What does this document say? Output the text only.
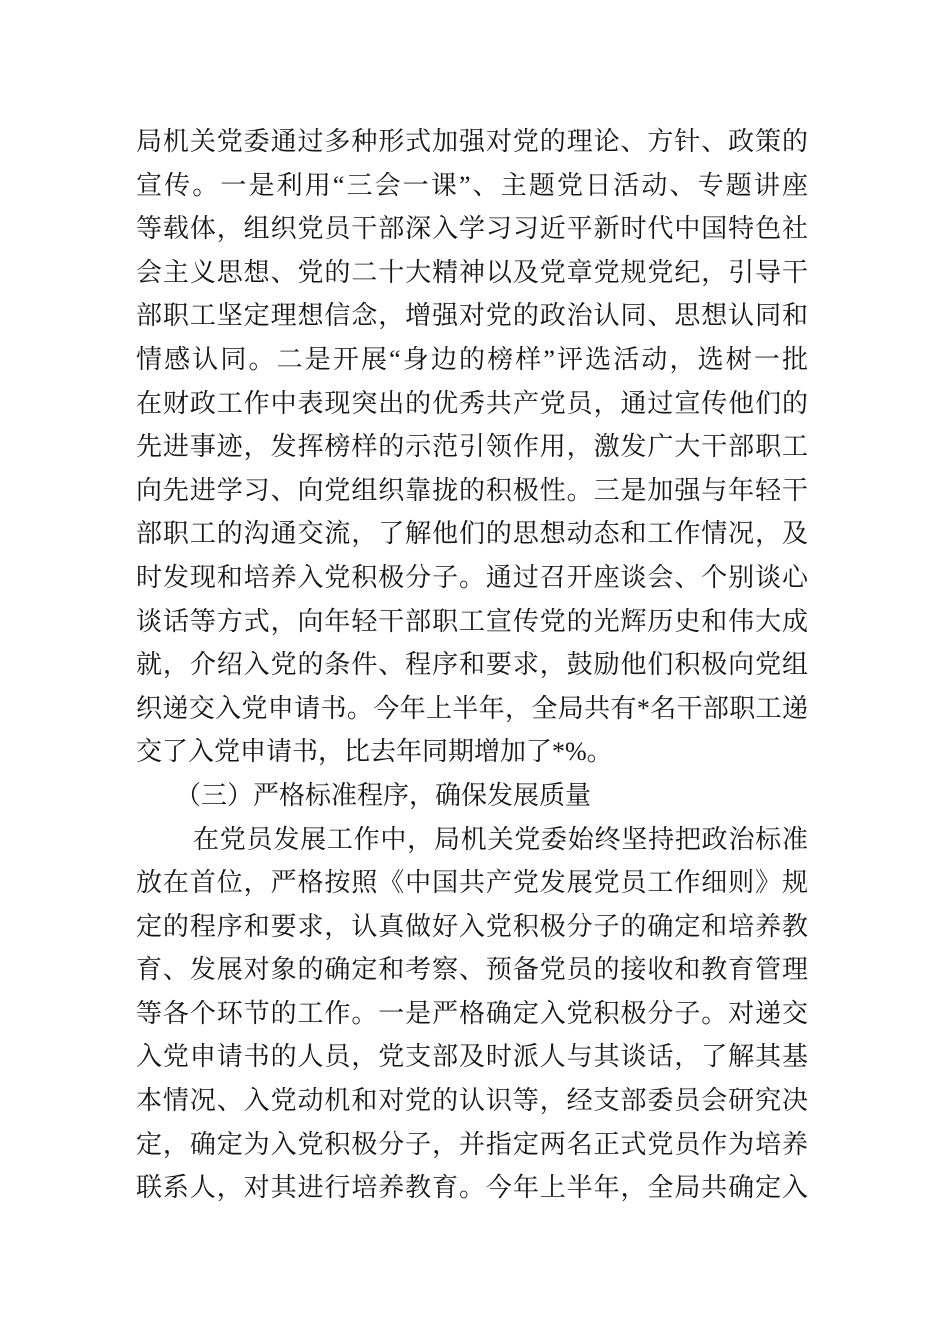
局机关党委通过多种形式加强对党的理论、方针、政策的
宣传。一是利用“三会一课”、主题党日活动、专题讲座
等载体，组织党员干部深入学习习近平新时代中国特色社
会主义思想、党的二十大精神以及党章党规党纪，引导干
部职工坚定理想信念，增强对党的政治认同、思想认同和
情感认同。二是开展“身边的榜样”评选活动，选树一批
在财政工作中表现突出的优秀共产党员，通过宣传他们的
先进事迹，发挥榜样的示范引领作用，激发广大干部职工
向先进学习、向党组织靠拢的积极性。三是加强与年轻干
部职工的沟通交流，了解他们的思想动态和工作情况，及
时发现和培养入党积极分子。通过召开座谈会、个别谈心
谈话等方式，向年轻干部职工宣传党的光辉历史和伟大成
就，介绍入党的条件、程序和要求，鼓励他们积极向党组
织递交入党申请书。今年上半年，全局共有*名干部职工递
交了入党申请书，比去年同期增加了*%。
（三）严格标准程序，确保发展质量
在党员发展工作中，局机关党委始终坚持把政治标准
放在首位，严格按照《中国共产党发展党员工作细则》规
定的程序和要求，认真做好入党积极分子的确定和培养教
育、发展对象的确定和考察、预备党员的接收和教育管理
等各个环节的工作。一是严格确定入党积极分子。对递交
入党申请书的人员，党支部及时派人与其谈话，了解其基
本情况、入党动机和对党的认识等，经支部委员会研究决
定，确定为入党积极分子，并指定两名正式党员作为培养
联系人，对其进行培养教育。今年上半年，全局共确定入
